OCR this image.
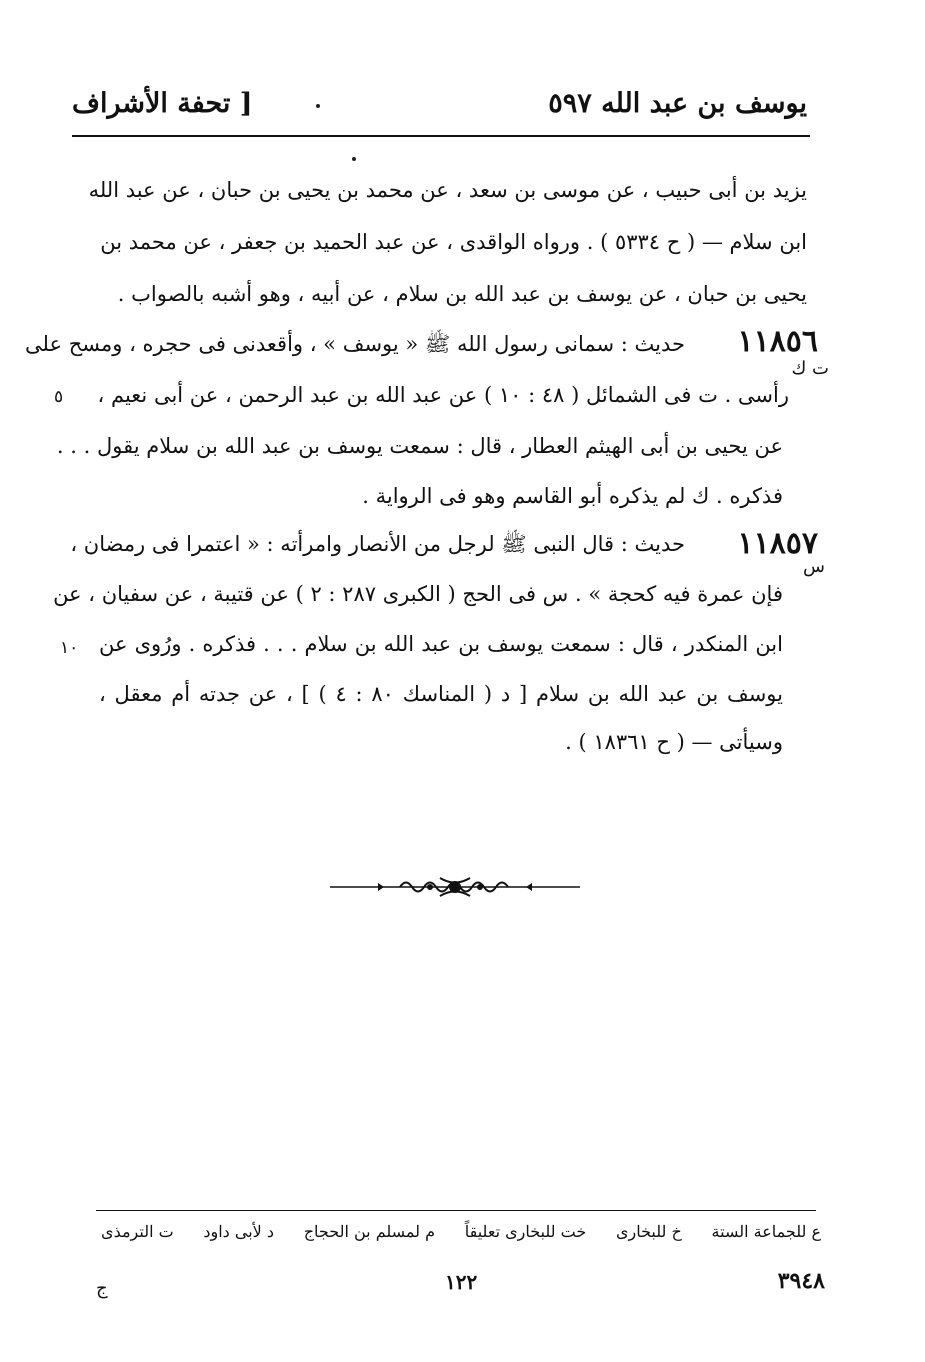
يوسف بن عبد الله ٥٩٧
[ تحفة الأشراف
يزيد بن أبى حبيب ، عن موسى بن سعد ، عن محمد بن يحيى بن حبان ، عن عبد الله
ابن سلام — ( ح ٥٣٣٤ ) . ورواه الواقدى ، عن عبد الحميد بن جعفر ، عن محمد بن
يحيى بن حبان ، عن يوسف بن عبد الله بن سلام ، عن أبيه ، وهو أشبه بالصواب .
١١٨٥٦
حديث : سمانى رسول الله ﷺ « يوسف » ، وأقعدنى فى حجره ، ومسح على
ت ك
رأسى . ت فى الشمائل ( ٤٨ : ١٠ ) عن عبد الله بن عبد الرحمن ، عن أبى نعيم ،
٥
عن يحيى بن أبى الهيثم العطار ، قال : سمعت يوسف بن عبد الله بن سلام يقول . . .
فذكره . ك لم يذكره أبو القاسم وهو فى الرواية .
١١٨٥٧
حديث : قال النبى ﷺ لرجل من الأنصار وامرأته : « اعتمرا فى رمضان ،
س
فإن عمرة فيه كحجة » . س فى الحج ( الكبرى ٢٨٧ : ٢ ) عن قتيبة ، عن سفيان ، عن
ابن المنكدر ، قال : سمعت يوسف بن عبد الله بن سلام . . . فذكره . ورُوى عن
١٠
يوسف بن عبد الله بن سلام [ د ( المناسك ٨٠ : ٤ ) ] ، عن جدته أم معقل ،
وسيأتى — ( ح ١٨٣٦١ ) .
ع للجماعة الستة
خ للبخارى
خت للبخارى تعليقاً
م لمسلم بن الحجاج
د لأبى داود
ت الترمذى
٣٩٤٨
١٢٢
ج
